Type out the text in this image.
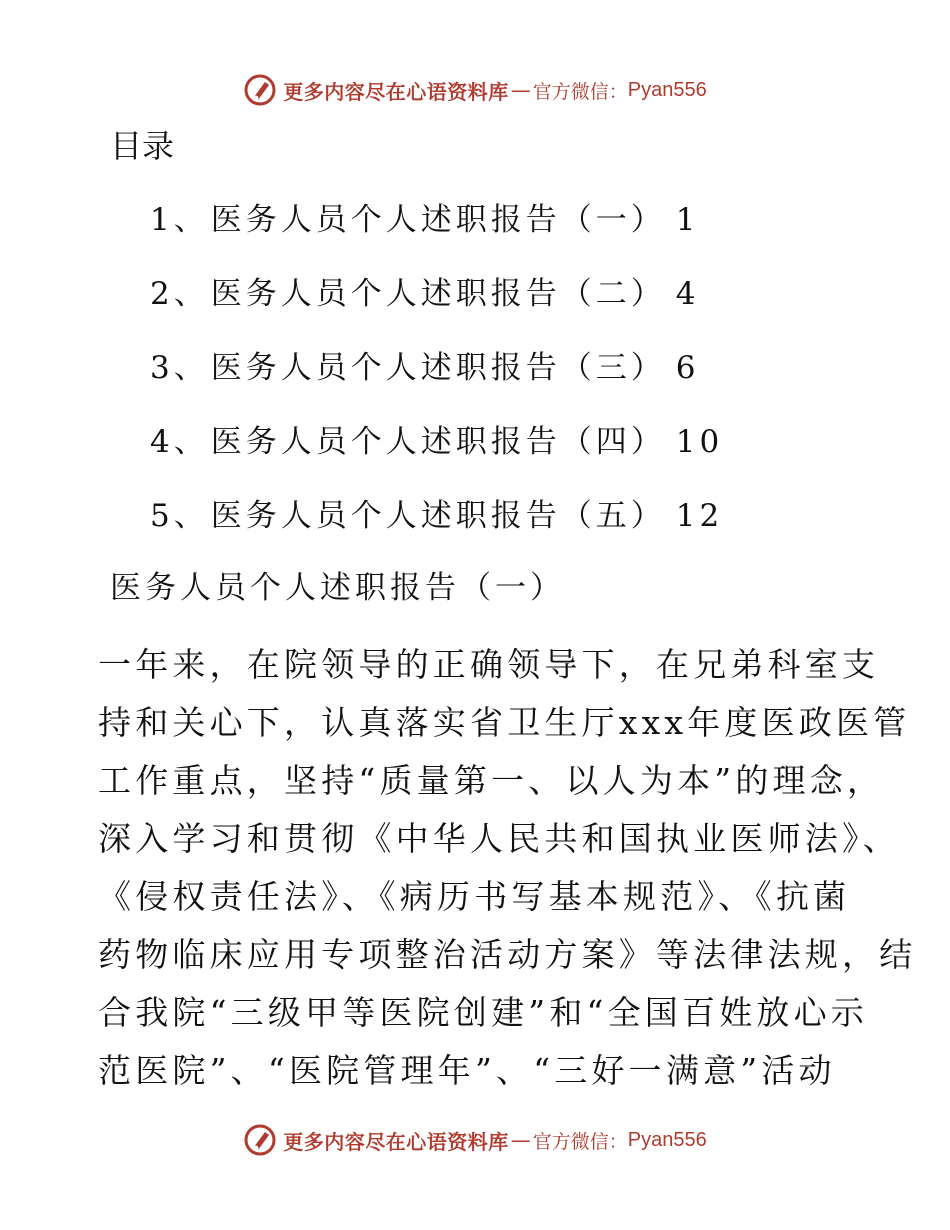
更多内容尽在心语资料库 — 官方微信： Pyan556
目录
1、医务人员个人述职报告（一） 1
2、医务人员个人述职报告（二） 4
3、医务人员个人述职报告（三） 6
4、医务人员个人述职报告（四） 10
5、医务人员个人述职报告（五） 12
医务人员个人述职报告（一）
一年来，在院领导的正确领导下，在兄弟科室支
持和关心下，认真落实省卫生厅xxx年度医政医管
工作重点，坚持“质量第一、以人为本”的理念，
深入学习和贯彻《中华人民共和国执业医师法》、
《侵权责任法》、《病历书写基本规范》、《抗菌
药物临床应用专项整治活动方案》等法律法规，结
合我院“三级甲等医院创建”和“全国百姓放心示
范医院”、“医院管理年”、“三好一满意”活动
更多内容尽在心语资料库 — 官方微信： Pyan556
